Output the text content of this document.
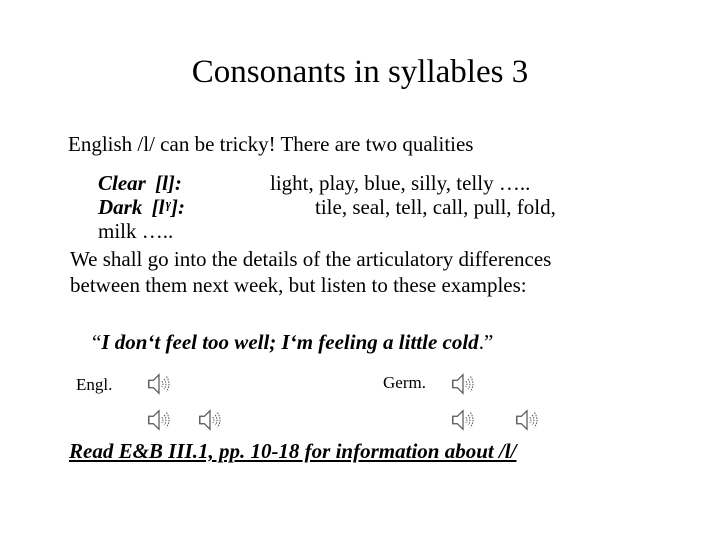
Consonants in syllables 3
English /l/ can be tricky! There are two qualities
Clear [l]:	light, play, blue, silly, telly …..
Dark [lˠ]:	tile, seal, tell, call, pull, fold,
milk …..
We shall go into the details of the articulatory differences
between them next week, but listen to these examples:
“I don‘t feel too well; I‘m feeling a little cold.”
Engl.	Germ.
Read E&B III.1, pp. 10-18 for information about /l/
